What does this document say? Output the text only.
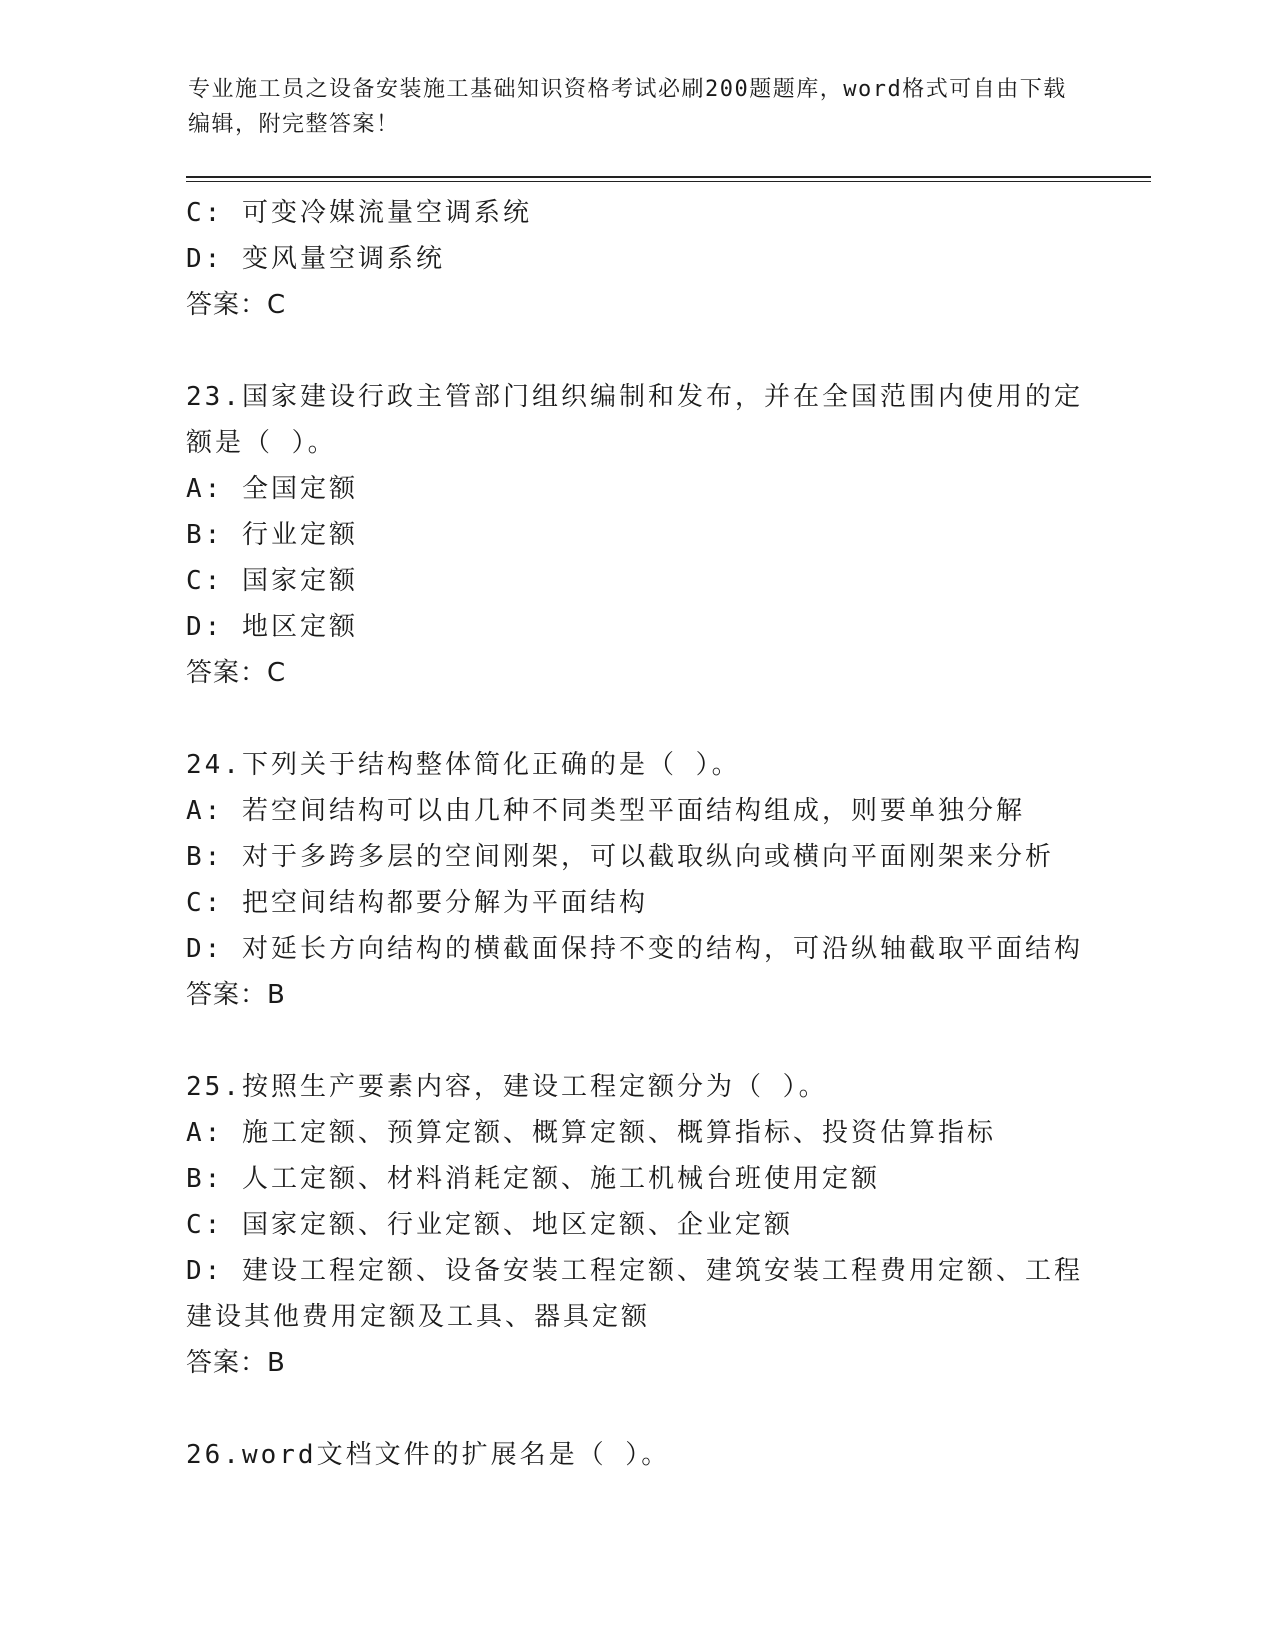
专业施工员之设备安装施工基础知识资格考试必刷200题题库，word格式可自由下载编辑，附完整答案！
C: 可变冷媒流量空调系统
D: 变风量空调系统
答案：C
23.国家建设行政主管部门组织编制和发布，并在全国范围内使用的定额是（ ）。
A: 全国定额
B: 行业定额
C: 国家定额
D: 地区定额
答案：C
24.下列关于结构整体简化正确的是（ ）。
A: 若空间结构可以由几种不同类型平面结构组成，则要单独分解
B: 对于多跨多层的空间刚架，可以截取纵向或横向平面刚架来分析
C: 把空间结构都要分解为平面结构
D: 对延长方向结构的横截面保持不变的结构，可沿纵轴截取平面结构
答案：B
25.按照生产要素内容，建设工程定额分为（ ）。
A: 施工定额、预算定额、概算定额、概算指标、投资估算指标
B: 人工定额、材料消耗定额、施工机械台班使用定额
C: 国家定额、行业定额、地区定额、企业定额
D: 建设工程定额、设备安装工程定额、建筑安装工程费用定额、工程建设其他费用定额及工具、器具定额
答案：B
26.word文档文件的扩展名是（ ）。
